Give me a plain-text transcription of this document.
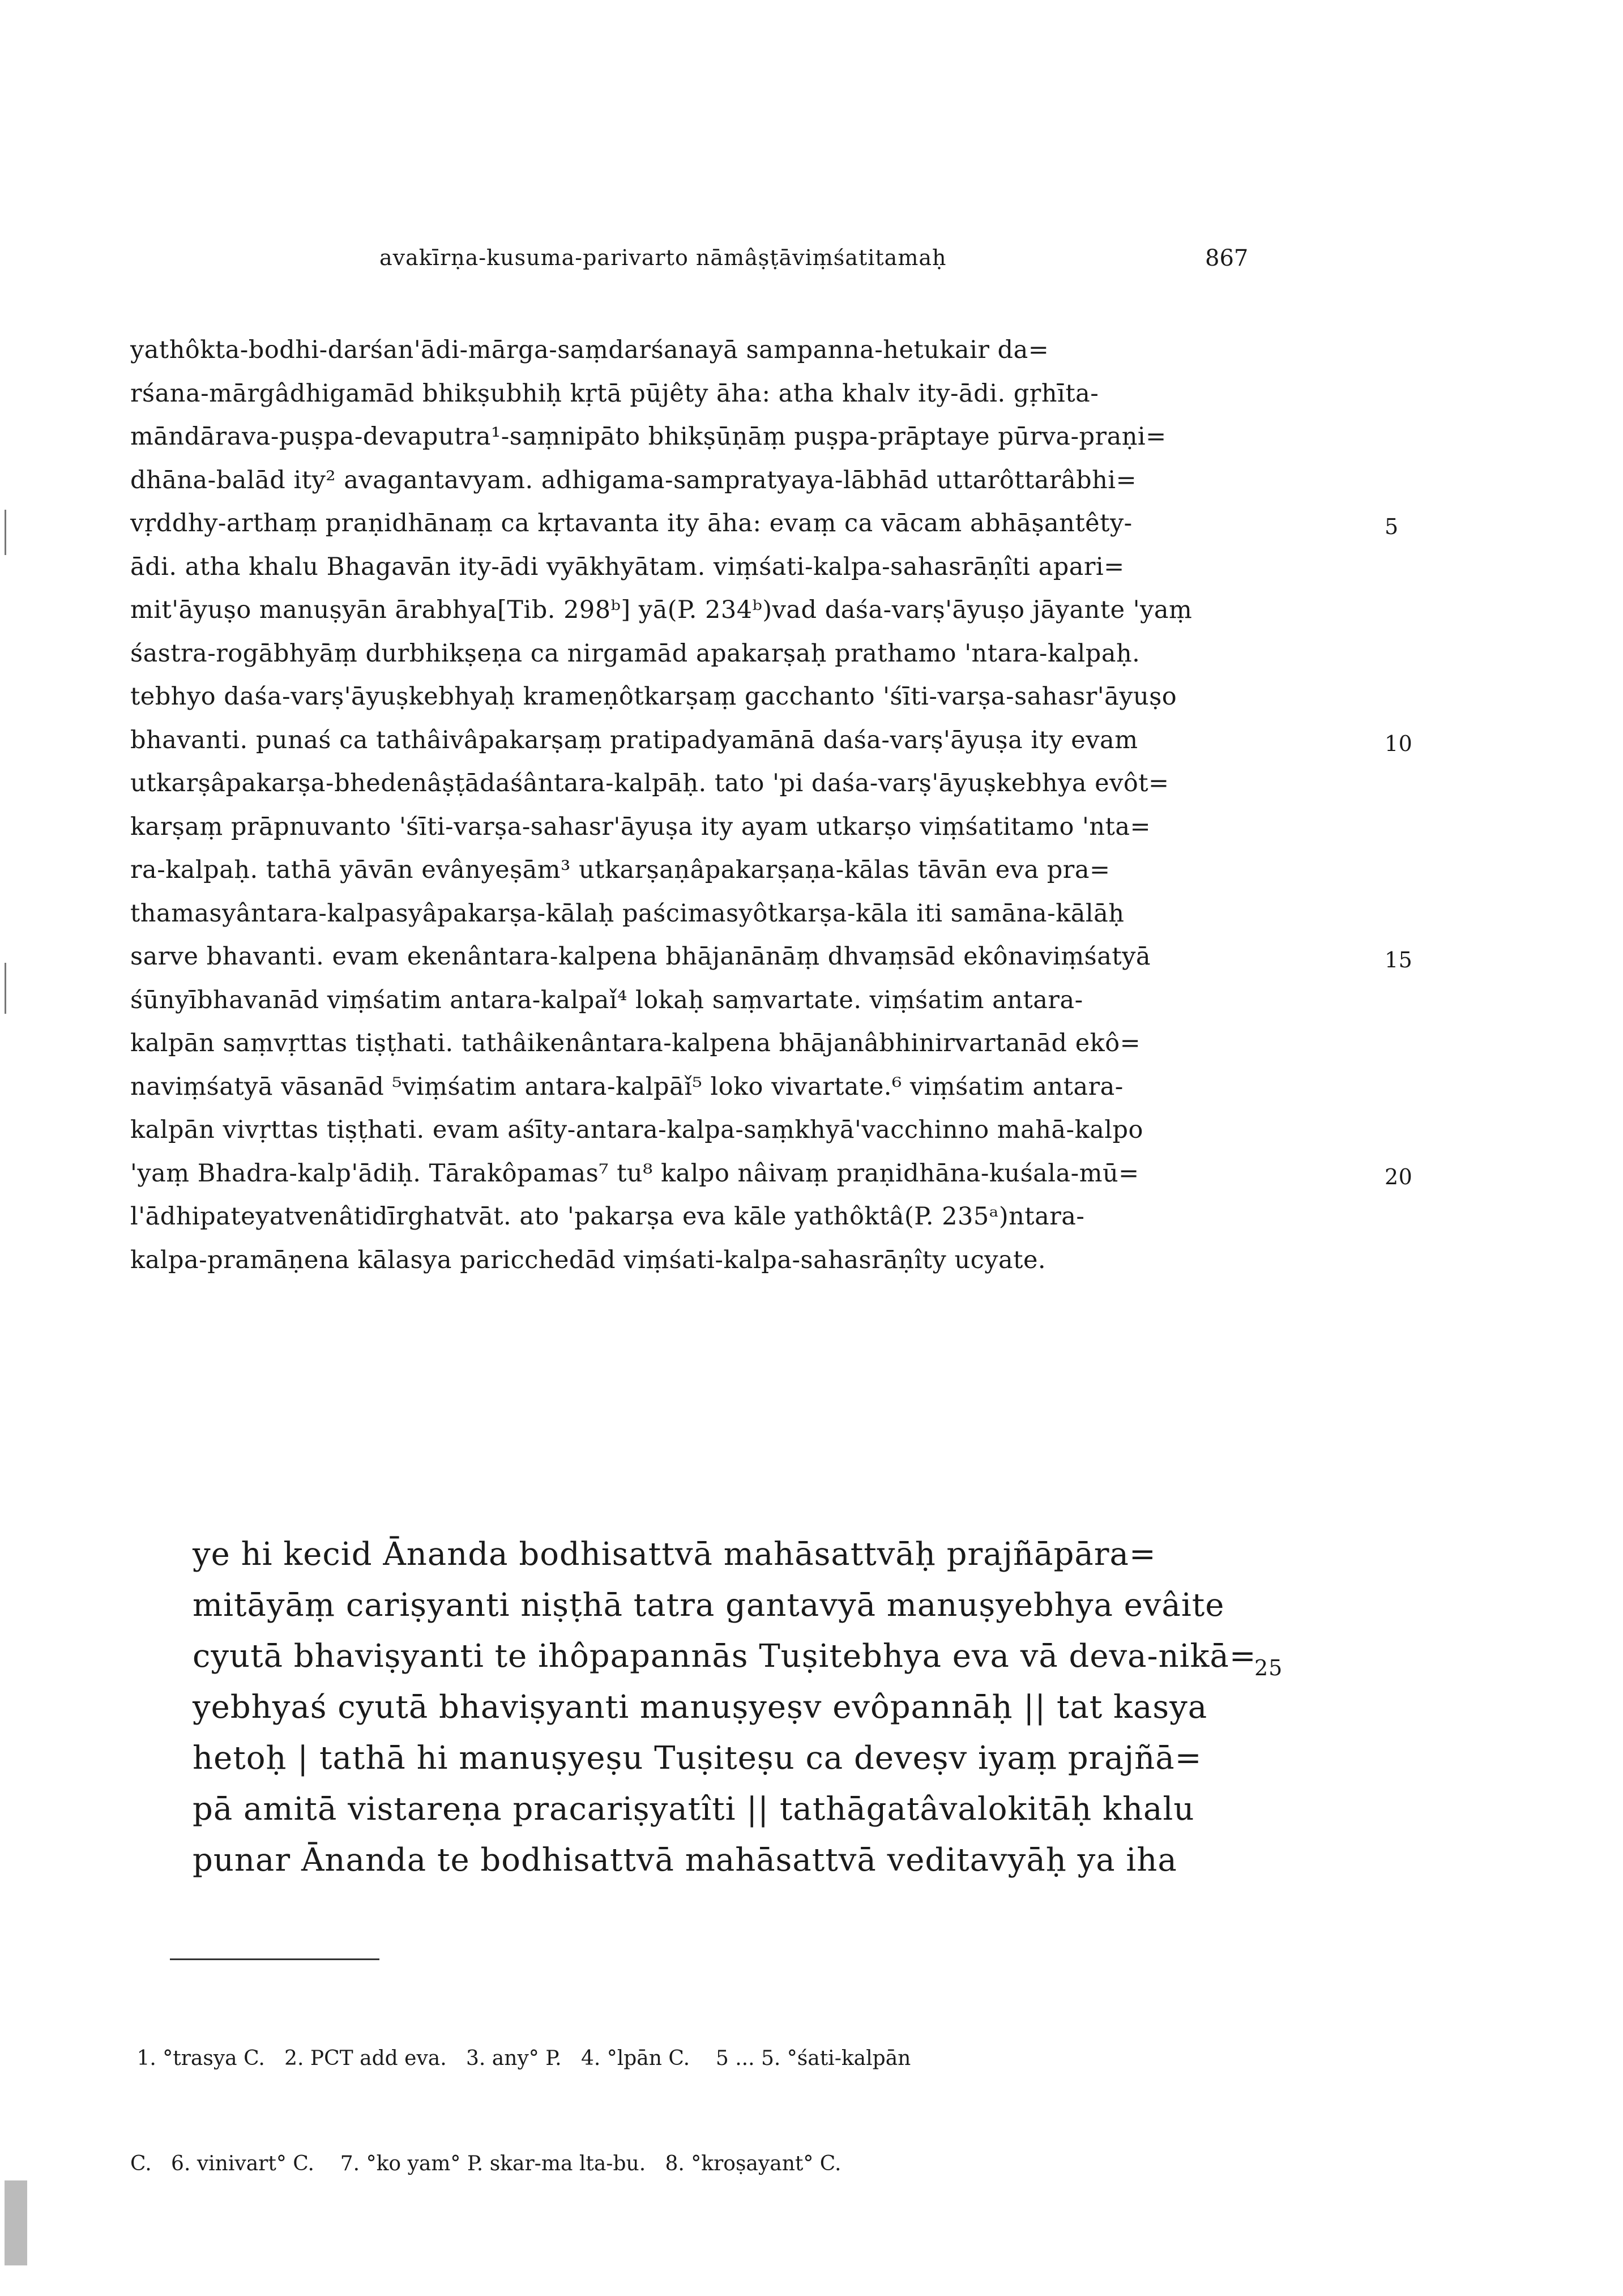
avakīrṇa-kusuma-parivarto nāmâṣṭāviṃśatitamaḥ	867
yathôkta-bodhi-darśan'ādi-mārga-saṃdarśanayā sampanna-hetukair da=
rśana-mārgâdhigamād bhikṣubhiḥ kṛtā pūjêty āha: atha khalv ity-ādi. gṛhīta-
māndārava-puṣpa-devaputra¹-saṃnipāto bhikṣūṇāṃ puṣpa-prāptaye pūrva-praṇi=
dhāna-balād ity² avagantavyam. adhigama-sampratyaya-lābhād uttarôttarâbhi=
vṛddhy-arthaṃ praṇidhānaṃ ca kṛtavanta ity āha: evaṃ ca vācam abhāṣantêty-	5
ādi. atha khalu Bhagavān ity-ādi vyākhyātam. viṃśati-kalpa-sahasrāṇîti apari=
mit'āyuṣo manuṣyān ārabhya[Tib. 298ᵇ] yā(P. 234ᵇ)vad daśa-varṣ'āyuṣo jāyante 'yaṃ
śastra-rogābhyāṃ durbhikṣeṇa ca nirgamād apakarṣaḥ prathamo 'ntara-kalpaḥ.
tebhyo daśa-varṣ'āyuṣkebhyaḥ krameṇôtkarṣaṃ gacchanto 'śīti-varṣa-sahasr'āyuṣo
bhavanti. punaś ca tathâivâpakarṣaṃ pratipadyamānā daśa-varṣ'āyuṣa ity evam	10
utkarṣâpakarṣa-bhedenâṣṭādaśântara-kalpāḥ. tato 'pi daśa-varṣ'āyuṣkebhya evôt=
karṣaṃ prāpnuvanto 'śīti-varṣa-sahasr'āyuṣa ity ayam utkarṣo viṃśatitamo 'nta=
ra-kalpaḥ. tathā yāvān evânyeṣām³ utkarṣaṇâpakarṣaṇa-kālas tāvān eva pra=
thamasyântara-kalpasyâpakarṣa-kālaḥ paścimasyôtkarṣa-kāla iti samāna-kālāḥ
sarve bhavanti. evam ekenântara-kalpena bhājanānāṃ dhvaṃsād ekônaviṃśatyā	15
śūnyībhavanād viṃśatim antara-kalpaǐ⁴ lokaḥ saṃvartate. viṃśatim antara-
kalpān saṃvṛttas tiṣṭhati. tathâikenântara-kalpena bhājanâbhinirvartanād ekô=
naviṃśatyā vāsanād ⁵viṃśatim antara-kalpāǐ⁵ loko vivartate.⁶ viṃśatim antara-
kalpān vivṛttas tiṣṭhati. evam aśīty-antara-kalpa-saṃkhyā'vacchinno mahā-kalpo
'yaṃ Bhadra-kalp'ādiḥ. Tārakôpamas⁷ tu⁸ kalpo nâivaṃ praṇidhāna-kuśala-mū=	20
l'ādhipateyatvenâtidīrghatvāt. ato 'pakarṣa eva kāle yathôktâ(P. 235ᵃ)ntara-
kalpa-pramāṇena kālasya paricchedād viṃśati-kalpa-sahasrāṇîty ucyate.
ye hi kecid Ānanda bodhisattvā mahāsattvāḥ prajñāpāra=
mitāyāṃ cariṣyanti niṣṭhā tatra gantavyā manuṣyebhya evâite
cyutā bhaviṣyanti te ihôpapannās Tuṣitebhya eva vā deva-nikā=
25
yebhyaś cyutā bhaviṣyanti manuṣyeṣv evôpannāḥ || tat kasya
hetoḥ | tathā hi manuṣyeṣu Tuṣiteṣu ca deveṣv iyaṃ prajñā=
pā amitā vistareṇa pracariṣyatîti || tathāgatâvalokitāḥ khalu
punar Ānanda te bodhisattvā mahāsattvā veditavyāḥ ya iha

1. °trasya C.   2. PCT add eva.   3. any° P.   4. °lpān C.    5 ... 5. °śati-kalpān

C.   6. vinivart° C.    7. °ko yam° P. skar-ma lta-bu.   8. °kroṣayant° C.
